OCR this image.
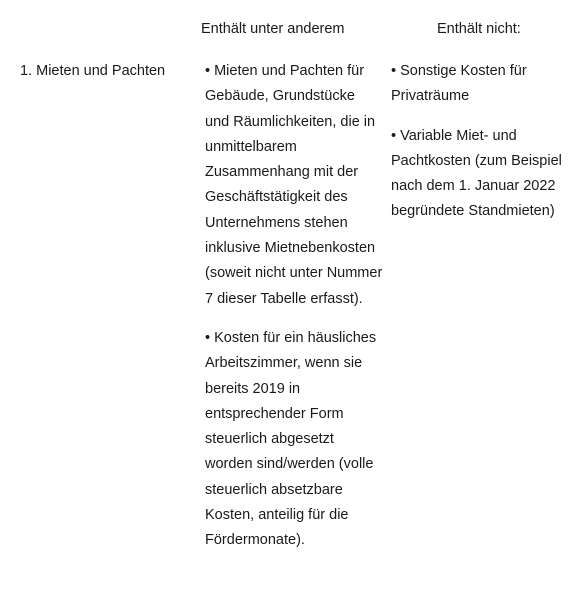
Enthält unter anderem	Enthält nicht:
1. Mieten und Pachten	• Mieten und Pachten für Gebäude, Grundstücke und Räumlichkeiten, die in unmittelbarem Zusammenhang mit der Geschäftstätigkeit des Unternehmens stehen inklusive Mietnebenkosten (soweit nicht unter Nummer 7 dieser Tabelle erfasst).

• Kosten für ein häusliches Arbeitszimmer, wenn sie bereits 2019 in entsprechender Form steuerlich abgesetzt worden sind/werden (volle steuerlich absetzbare Kosten, anteilig für die Fördermonate).

• Sonstige Kosten für Privaträume

• Variable Miet- und Pachtkosten (zum Beispiel nach dem 1. Januar 2022 begründete Standmieten)
